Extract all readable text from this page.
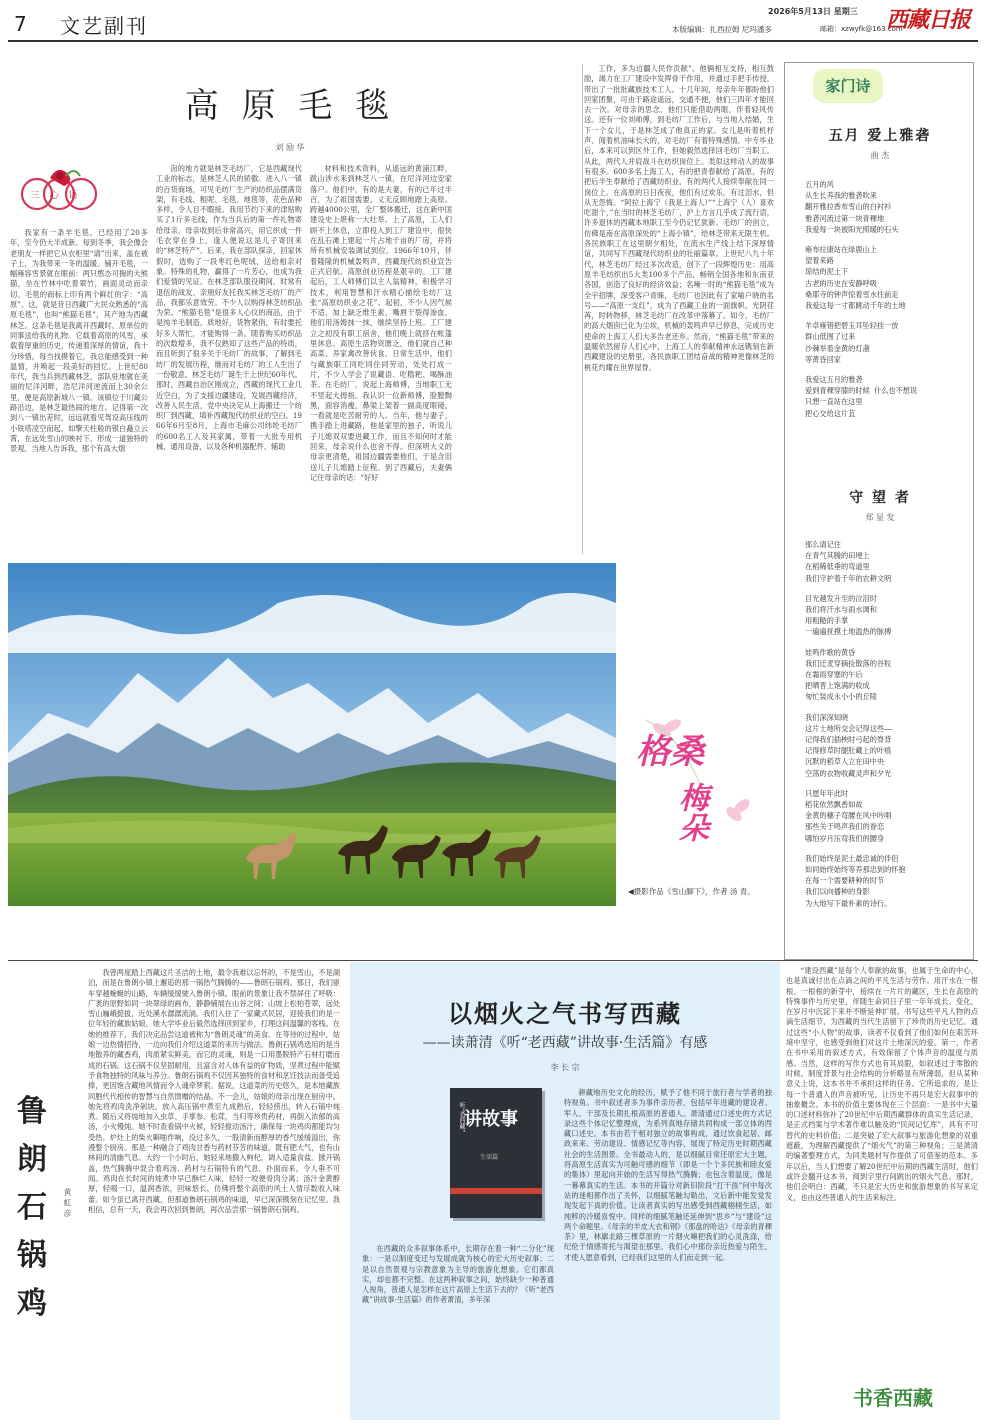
7 文艺副刊
2026年5月13日 星期三
本版编辑：扎西拉姆 尼玛潘多	邮箱：xzwyfk@163.com
西藏日报
高 原 毛 毯
刘 励 华
三心语

我家有一条羊毛毯，已经用了20多年，至今仍大半成新。每到冬季，我会像会老朋友一样把它从衣柜里“请”出来，盖在被子上，为我带来一冬的温暖。铺开毛毯，一幅雍容雪景就在眼前：两只憨态可掬的大熊猫，坐在竹林中吃着翠竹，画面灵动而亲切。毛毯的商标上印有两个鲜红的字：“高原”。这，就是昔日西藏广大民众熟悉的“高原毛毯”，也叫“熊猫毛毯”，其产地为西藏林芝。这条毛毯是我离开西藏时，原单位的同事送给我的礼物。它载着高原的风雪，承载着厚重的历史，传递着深厚的情谊，我十分珍惜。每当找摸着它，我总能感受到一种温情，并唤起一段美好的回忆。上世纪80年代，我当兵到西藏林芝，部队驻地就在美丽的尼洋河畔，浩尼洋河逆流而上30余公里，便是高原新城八一镇。该镇位于川藏公路沿边，是林芝最热闹的地方。记得第一次到八一镇出差时，远远就看见驾设高压线的小铁塔凌空而起，如擎天柱般的银白矗立云霄，在远处雪山的映衬下，形成一道独特的景观。当地人告诉我，那个有高大烟

囱的地方就是林芝毛纺厂，它是西藏现代工业的标志，是林芝人民的骄傲。进入八一镇的百货商场，可见毛纺厂生产的纺织品摆满货架，有毛线、粗呢、毛毯、地毯等，花色品种多样，令人目不暇接。我用节约下来的津贴购买了1斤多毛线，作为当兵后的第一件礼物寄给母亲。母亲收到后非常高兴，用它织成一件毛衣穿在身上，逢人便说这是儿子寄回来的“林芝特产”。后来，我在部队探亲，回家休假时，选购了一段枣红色呢绒，送给相亲对象。特殊的礼物，赢得了一片芳心，也成为我们爱情的见证。在林芝部队服役期间，时常有退伍的战友、亲朋好友托我买林芝毛纺厂的产品，我都乐意效劳。不少人以购得林芝纺织品为荣。“熊猫毛毯”是很多人心仪的商品，由于是纯羊毛制造，质地好，货物紧俏，有时要托好多人帮忙，才能购得一条。随着购买纺织品的次数增多，我不仅熟知了这些产品的特质，而且听到了很多关于毛纺厂的故事，了解到毛纺厂的发展历程，继而对毛纺厂的工人生出了一份敬意。林芝毛纺厂诞生于上世纪60年代。那时，西藏自治区刚成立，西藏的现代工业几近空白，为了支援边疆建设，发展西藏经济，改善人民生活，党中央决定从上海搬迁一个纺织厂到西藏，填补西藏现代纺织业的空白。1966年6月至8月，上海市毛麻公司纬纶毛纺厂的600名工人及其家属，带着一大批专用机械、通用设备，以及各种机器配件、辅助

材料和技术资料，从遥远的黄浦江畔，跋山涉水来到林芝八一镇，在尼洋河边安家落户。他们中，有的是夫妻，有的已年过半百，为了祖国需要，义无反顾地踏上高原。跨越4000公里，全厂整体搬迁，这在新中国建设史上堪称一大壮举。上了高原，工人们顾不上休息，立即投入到工厂建设中，很快在乱石滩上建起一片占地千亩的厂房，并将所有机械安装调试到位。1966年10月，伴着隆隆的机械轰鸣声，西藏现代纺织业宣告正式启航。高原创业历程是艰辛的。工厂建起后，工人师傅们以主人翁精神，积极学习技术，利用智慧和汗水精心描绘毛纺厂这张“高原纺织业之花”。起初，不少人因气候不适，加上缺乏维生素，嘴唇干裂得渗血，他们用汤姆抹一抹，继续坚持上班。工厂建立之初没有职工宿舍，他们晚上就挤在帐篷里休息。高原生活物资匮乏，他们就自己种高菜、养家禽改善伙食。日常生活中，他们与藏族职工同吃同住同劳动，处处打成一片，不少人学会了说藏语、吃糌粑、喝酥油茶。在毛纺厂，说起上海师傅，当地职工无不竖起大拇指。我认识一位新师傅，脸膛黝黑，面容消瘦，鼻梁上架着一副高度眼镜，一看就是吃苦耐劳的人。当年，他与妻子，携手踏上进藏路，他是家里的独子，听说儿子儿媳双双要进藏工作，而且不知何时才能回来，母亲说什么也舍不得。但深明大义的母亲更清楚，祖国边疆需要他们，于是含泪送儿子儿媳踏上征程。到了西藏后，夫妻俩记住母亲的话：“好好

工作，多为边疆人民作贡献”。他俩相互支持，相互鼓励，竭力在工厂建设中发挥骨干作用，并通过手把手传授，带出了一批批藏族技术工人。十几年间，母亲年年都盼他们回家团聚，可由于路途遥远，交通不便，他们三四年才能回去一次。对母亲的思念，他们只能借助两眶，伴着轻风传送。还有一位刘师傅，到毛纺厂工作后，与当地人结婚，生下一个女儿，于是林芝成了他真正的家。女儿是听着机杼声、闻着机油味长大的，对毛纺厂有着特殊感情。中专毕业后，本来可以到区外工作，但她毅然选择回毛纺厂当职工。从此，两代人并肩战斗在纺织岗位上。类似这样动人的故事有很多。600多名上海工人，有的把青春献给了高原，有的把后半生奉献给了西藏纺织业，有的两代人接续奉献在同一岗位上。在高原的日日夜夜，他们有过欢乐，有过泪水，但从无怨悔。“阿拉上海宁（我是上海人）”“上海宁（人）喜欢吃甜个，”在当时的林芝毛纺厂，沪上方言几乎成了流行语，许多退休的西藏本地职工至今仍记忆犹新。毛纺厂的创立，仿佛是南在高原深处的“上海小镇”，给林芝带来无限生机。各民族职工在这里朝夕相处，在流水生产线上结下深厚情谊，共同写下西藏现代纺织业的壮丽篇章。上世纪八九十年代，林芝毛纺厂经过多次改造，创下了一段辉煌历史：用高原羊毛纺织出5大类100多个产品，畅销全国各地和东南亚各国，创造了良好的经济效益；名噪一时的“熊猫毛毯”成为全宇招牌，深受客户青睐，毛纺厂也因此有了家喻户晓的名号——“高原一支红”，成为了西藏工业的一面旗帜。光阴荏苒，时转物移，林芝毛纺厂在改革中落幕了。如今，毛纺厂的高大烟囱已化为尘埃，机械的轰鸣声早已停息，完成历史使命的上海工人们大多告老还乡。然而，“熊猫毛毯”带来的温暖依然留存人们心中，上海工人的奉献精神永远镌刻在新西藏建设的史册里，各民族职工团结奋战的精神更像林芝的桃花灼耀在世界屋脊。

◀摄影作品《雪山脚下》，作者 汤 青。
格桑
梅朵
家门诗
五月 爱上雅砻
曲 杰
五月的风
从生长养我的雅砻吹来
翻开雅拉香布雪山的白衬衫
雅砻河流过第一块青稞地
我爱每一块被阳光照暖的石头
雍布拉康站在绿鹿山上
望着来路
琼结的泥土下
古老的历史在安静呼吸
桑耶寺的钟声惊着雪水往前走
我爱这每一寸都跳动千年的土地
羊卓雍错把碧玉耳坠轻挂一放
群山低围了过来
沙棘举着金黄的灯盏
等黄昏回家
我爱这五月的雅砻
爱到青稞穿膝的时候 什么也不想说
只想一直站在这里
把心交给这片苴
守 望 者
郑 显 发
那么请记住
在青气其腾的田埂上
在稻稀低垂的弯道里
我们守护着千年的农耕文明
目光越发升至的泣泪时
我们将汗水与雨水调和
用粗糙的手掌
一遍遍抚摸土地温热的脉搏
娃鸣作歌的黄昏
我们迁麦穿摘捡散落的谷粒
在霜雨穿塞的午后
把晒晋上饱满的收成
匆忙装成永小小的丘陵
我们深深知晓
这片土地所交会记得这些——
记得我们插秧时弓起的脊背
记得修草时腿肚藏上的叶痕
沉默的稻草人立在田中央
空荡的衣物收藏灵声和夕光
只愿年年此时
稻花依然飘香如故
金黄的穗子弯腰在风中吟唱
那些关于鸣声我们的眷恋
哪怕岁月压弯我们的腰身
我们始终是泥土最忠诚的伴侣
如同始终始终等养那忠到的怀抱
在每一个需要耕种的时节
我们以向播种的身影
为大地写下最朴素的诗行。
鲁
朗
石
锅
鸡
黄 虹 彦

我曾两度踏上西藏这片圣洁的土地，最令我难以忘怀的，不是雪山，不是湖泊，而是在鲁朗小镇上邂逅的那一锅热气腾腾的——鲁朗石锅鸡。那日，我们驱车穿越蜿蜒的山路，车辆缓缓驶入鲁朗小镇。眼前的景象让我不禁屏住了呼吸：广袤的原野如同一块翠绿的画布，静静铺展在山谷之间；山坡上松柏苍翠，远处雪山巍峨挺拔，近处溪水潺潺流淌。我们入住了一家藏式民居，迎接我们的是一位年轻的藏族姑娘。她大学毕业后毅然选择回到家乡，打理这间温馨的客栈。在她的推荐下，我们决定品尝这道被称为“鲁朗灵魂”的美食。在等待的过程中，姑娘一边热情招待，一边向我们介绍这道菜的来历与做法。鲁朗石锅鸡选用的是当地散养的藏香鸡，肉质紧实鲜美。而它的灵魂，则是一口用墨脱特产石材打磨而成的石锅。这石锅不仅坚固耐用，且富含对人体有益的矿物质，坚煮过程中能赋予食物独特的风味与养分。鲁朗石锅鸡不仅因其独特的食材和烹饪技法而备受追捧，更因饱含藏地风情而令人魂牵梦萦。据说，这道菜的历史悠久，是本地藏族同胞代代相传的智慧与自然馈赠的结晶。不一会儿，姑娘的母亲出现在厨房中。她先将鸡肉洗净剁块，放入高压锅中煮至九成熟后，轻轻捞出，转入石锅中炖煮。随后又将炖地加入虫草、手掌参、松茸，当归等珍贵药材，再倒入浓郁的高汤，小火慢炖。她不时查看锅中火候，轻轻搅动汤汁，确保每一块鸡肉都能均匀受热。炉灶上的柴火噼啪作响，没过多久，一股清新而醇厚的香气缓缓溢出，弥漫整个厨房。那是一种融合了鸡肉甘香与药材芬芳的味道，既有肥大气，也有山林间的清幽气息。大约一个小时后，她轻来地撒入枸杞，调入适量食盐。掀开锅盖，热气腾腾中混合着鸡汤、药材与石锅特有的气息，扑面而来，令人垂不可闻。鸡肉在长时间的炖煮中早已酥烂入味，轻轻一咬便骨肉分离；汤汁金黄醇厚，轻啜一口，温润香浓，回味悠长，仿佛将整个高原的风土人情尽数收入味蕾。如今虽已离开西藏，但那道鲁朗石锅鸡的味道，早已深深镌刻在记忆里。我相信，总有一天，我会再次回到鲁朗，再次品尝那一锅鲁朗石锅鸡。

以烟火之气书写西藏
——读萧清《听“老西藏”讲故事·生活篇》有感
李 长 宗
听“老西藏” 讲故事
生活篇

在西藏的众多叙事体系中，长期存在着一种“二分化”现象：一是以制度变迁与发展成就为核心的宏大历史叙事；二是以自然景观与宗教意象为主导的旅游化想象。它们都真实，却也都不完整。在这两种叙事之间，始终缺少一种普通人视角，普通人是怎样在这片高原上生活下去的？《听“老西藏”讲故事·生活篇》的作者萧清，多年深

耕藏地历史文化的经历，赋予了他不同于旅行者与学者的独特视角。书中叙述者多为事件亲历者，包括早年进藏的建设者、军人、干部及长期扎根高原的普通人。萧清通过口述史的方式记录这些个体记忆整理成，为系列真地存储共同构成一部立体的西藏口述史。本书由若干相对独立的故事构成，通过饮食起居、邮政来来、劳动建设、情感记忆等内容，展现了特定历史时期西藏社会的生活图景。全书最动人的，是以细腻目常还原宏大主题，将高原生活真实为可触可感的细节（即是一个个多民族和睦友爱的集体）里起向开始的生活写得热气腾腾；也包含着温度，像是一幕幕真实的生活。本书的开篇分对新旧阶段“打干孩”问中每次站的迷相都作出了关怀，以细腻笔触勾勒出，文后新中能发觉发现发起下真的价值。让读者真实的写出感受到西藏栩栩生活，如纯粹的冷暖喜悦中。同样的细腻笔触还延伸到“思乡”与“建设”这两个命题里。《母亲的羊皮大衣和钢》《那盘的哈达》《母亲的青稞茶》里，林廓北路三棵草原的一片烟火嘛把我们的心灵洗涤，给纪伦于情感寄托与渴望在那里。我们心中那份亲近热爱与陌生，才使人愿意看到，已经我们这里的人们而走到一起。

“建设西藏”是每个人奉献的故事，也属于生命的中心，也是真诚付出在点滴之间的平凡生活与劳作。用汗水在一根根、一根根的新芽中，接续在一片片的藏区，生长在高原的特殊事件与历史里，伴随生命同日子里一年年成长、变化，在岁月中沉淀下来并不断延伸扩展。书写这些平凡人物的点滴生活细节，为西藏的当代生活留下了珍贵的历史记忆。通过这些“小人物”的故事，读者不仅看到了他们如何在艰苦环境中坚守，也感受到他们对这片土地深沉的爱。第一，作者在书中采用的叙述方式，有效保留了个体声音的温度与质感。当然，这样的写作方式也有其局限，如叙述过于零散的时候，制度背景与社会结构的分析略显有所薄弱，但从某种意义上说，这本书并不承担这样的任务。它所追求的，是让每一个普通人的声音被听见，让历史不再只是宏大叙事中的抽象概念。本书的价值主要体现在三个层面：一是书中大量的口述材料弥补了20世纪中后期西藏群体的真实生活记录，是正式档案与学术著作难以触及的“民间记忆库”，具有不可替代的史料价值；二是突破了宏大叙事与旅游化想象的双重遮蔽，为理解西藏提供了“烟火气”的第三种视角；三是萧清的编著整理方式，为同类题材写作提供了可借鉴的范本。多年以后，当人们想要了解20世纪中后期的西藏生活时，他们或许会翻开这本书，阅到字里行间跳出的烟火气息。那时，他们会明白：西藏，不只是宏大历史和旅游想象的书写来定义，也由这些普通人的生活来标注。

书香西藏
